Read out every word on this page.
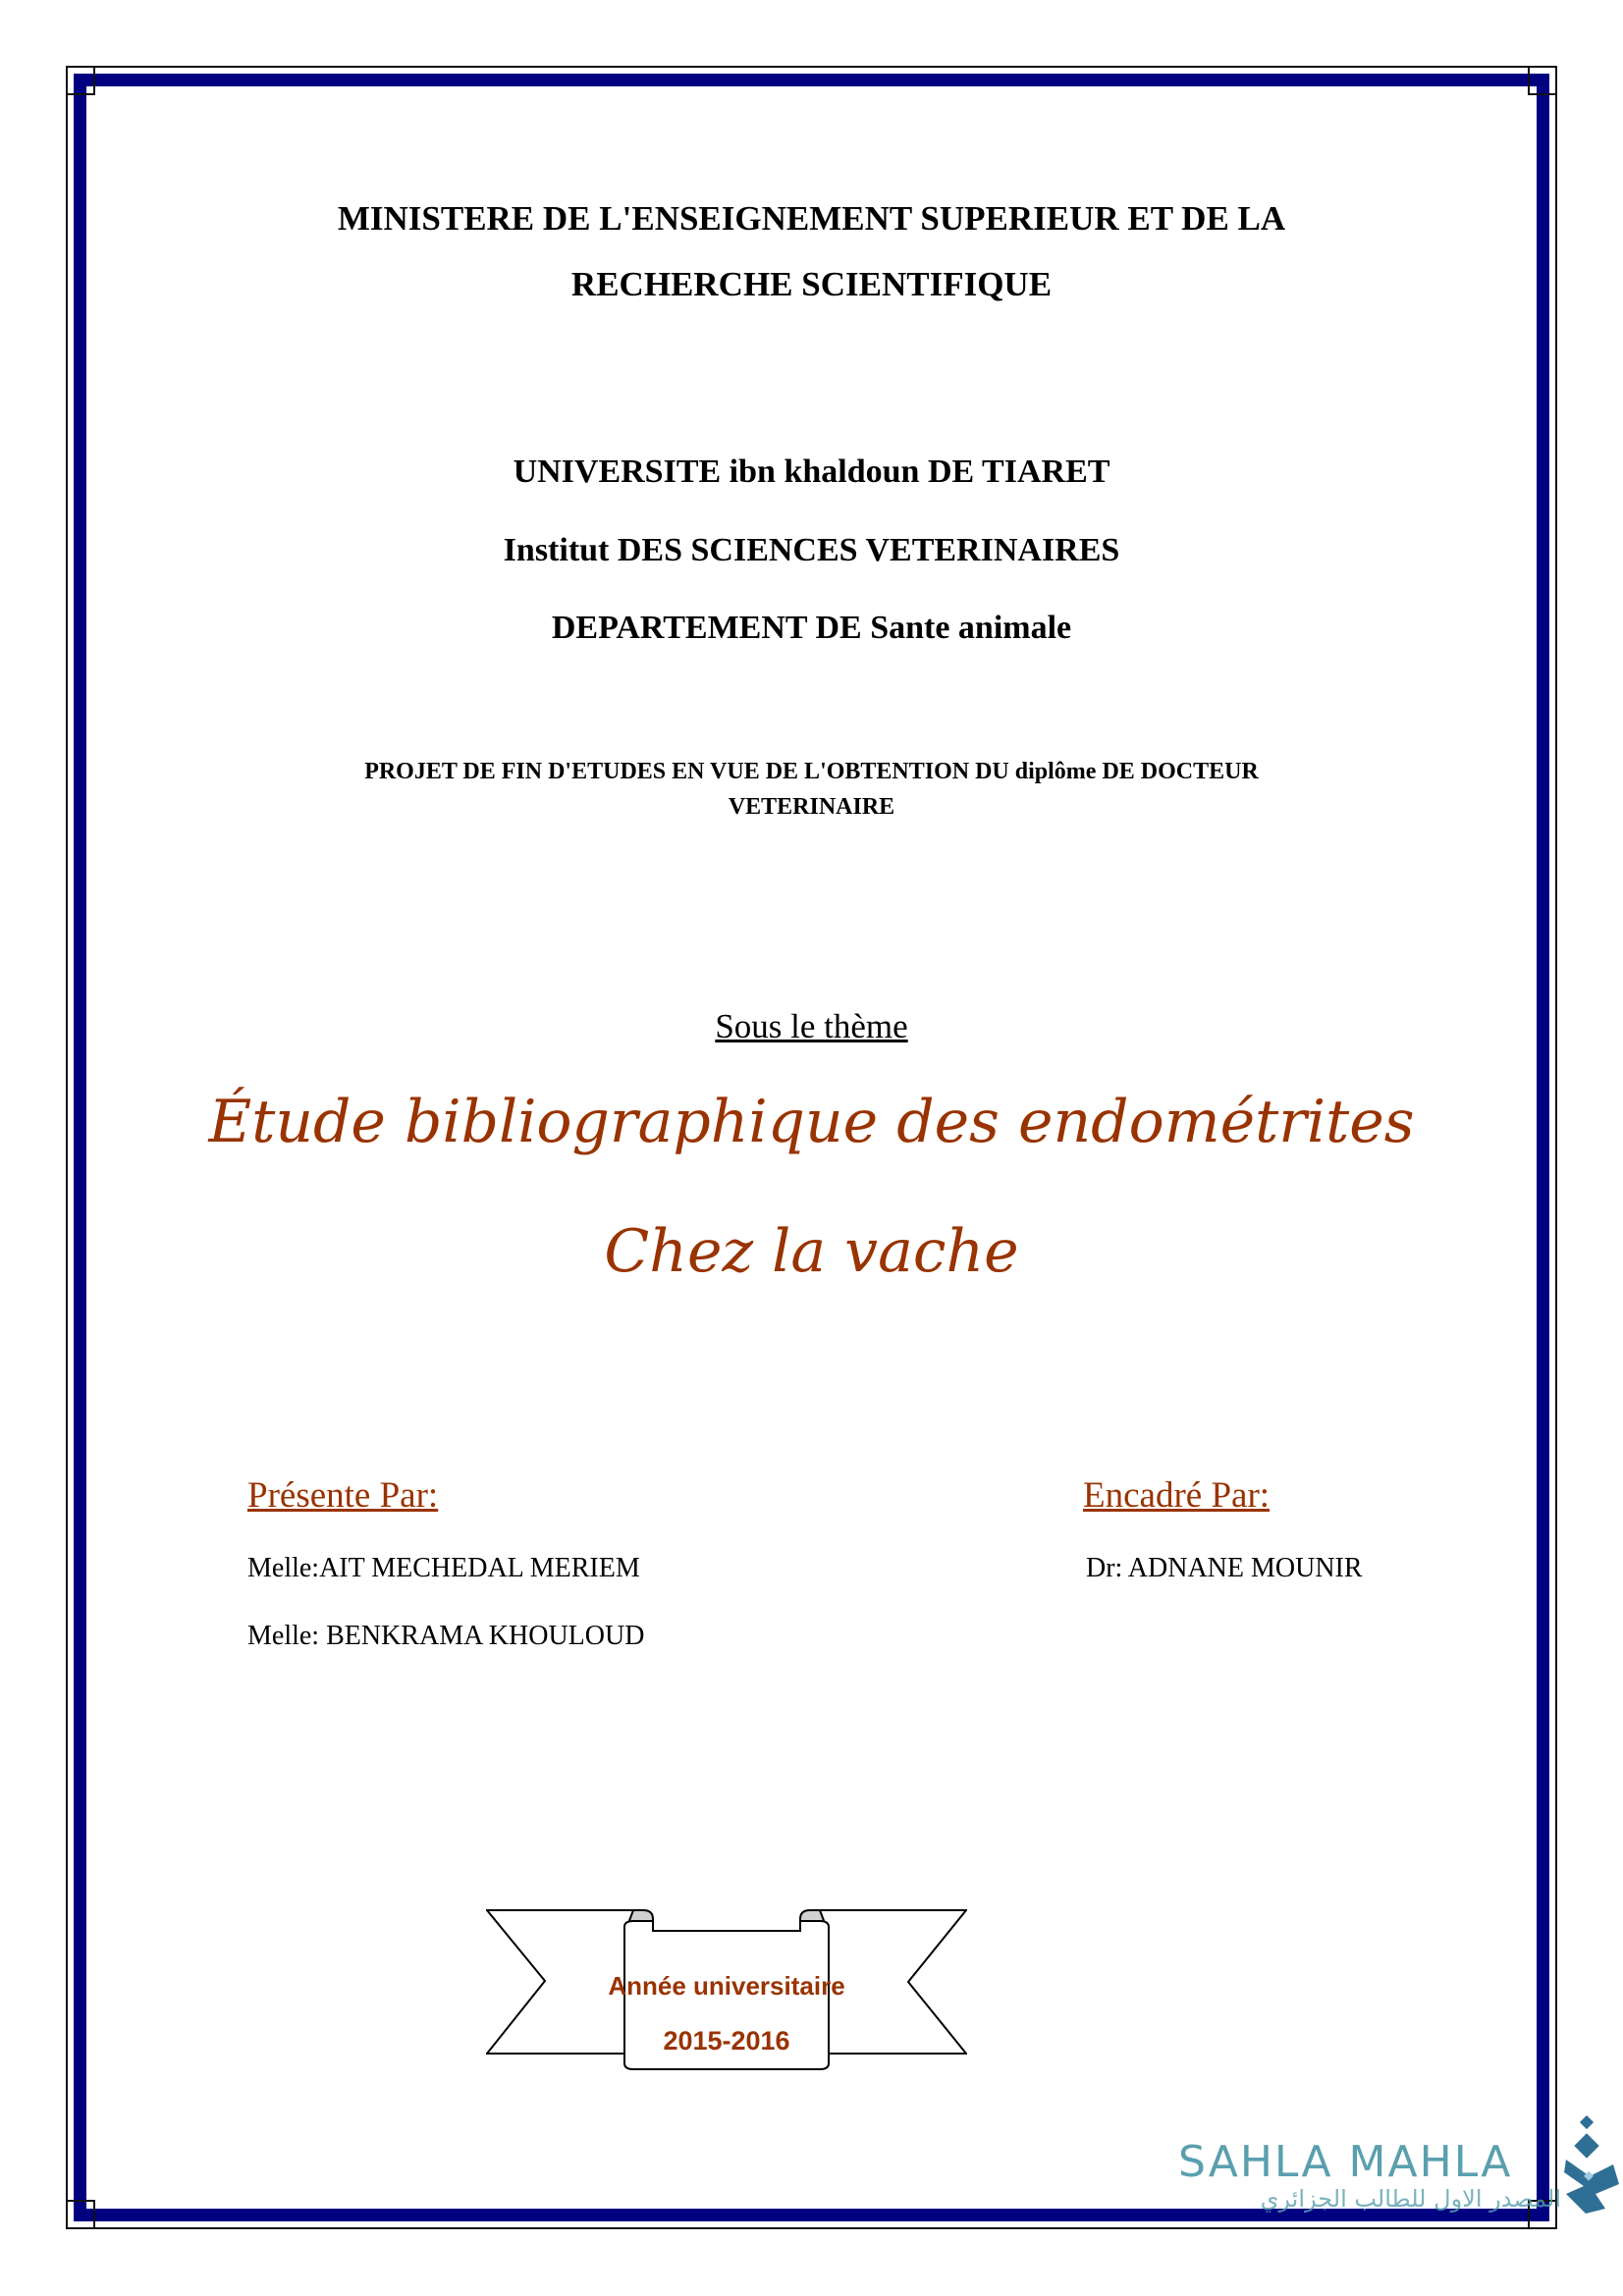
MINISTERE DE L'ENSEIGNEMENT SUPERIEUR ET DE LA
RECHERCHE SCIENTIFIQUE
UNIVERSITE ibn khaldoun DE TIARET
Institut DES SCIENCES VETERINAIRES
DEPARTEMENT DE Sante animale
PROJET DE FIN D'ETUDES EN VUE DE L'OBTENTION DU diplôme DE DOCTEUR
VETERINAIRE
Sous le thème
Étude bibliographique des endométrites
Chez la vache
Présente Par:
Melle:AIT MECHEDAL MERIEM
Melle: BENKRAMA KHOULOUD
Encadré Par:
Dr: ADNANE MOUNIR
Année universitaire
2015-2016
SAHLA MAHLA
المصدر الاول للطالب الجزائري
